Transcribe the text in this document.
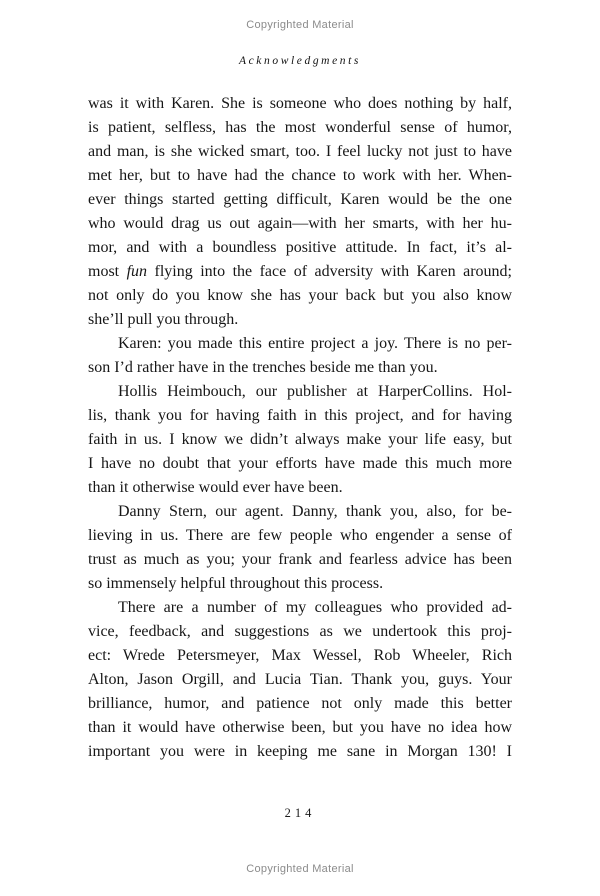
Copyrighted Material
Acknowledgments
was it with Karen. She is someone who does nothing by half,
is patient, selfless, has the most wonderful sense of humor,
and man, is she wicked smart, too. I feel lucky not just to have
met her, but to have had the chance to work with her. When-
ever things started getting difficult, Karen would be the one
who would drag us out again—with her smarts, with her hu-
mor, and with a boundless positive attitude. In fact, it’s al-
most fun flying into the face of adversity with Karen around;
not only do you know she has your back but you also know
she’ll pull you through.
Karen: you made this entire project a joy. There is no per-
son I’d rather have in the trenches beside me than you.
Hollis Heimbouch, our publisher at HarperCollins. Hol-
lis, thank you for having faith in this project, and for having
faith in us. I know we didn’t always make your life easy, but
I have no doubt that your efforts have made this much more
than it otherwise would ever have been.
Danny Stern, our agent. Danny, thank you, also, for be-
lieving in us. There are few people who engender a sense of
trust as much as you; your frank and fearless advice has been
so immensely helpful throughout this process.
There are a number of my colleagues who provided ad-
vice, feedback, and suggestions as we undertook this proj-
ect: Wrede Petersmeyer, Max Wessel, Rob Wheeler, Rich
Alton, Jason Orgill, and Lucia Tian. Thank you, guys. Your
brilliance, humor, and patience not only made this better
than it would have otherwise been, but you have no idea how
important you were in keeping me sane in Morgan 130! I
214
Copyrighted Material
